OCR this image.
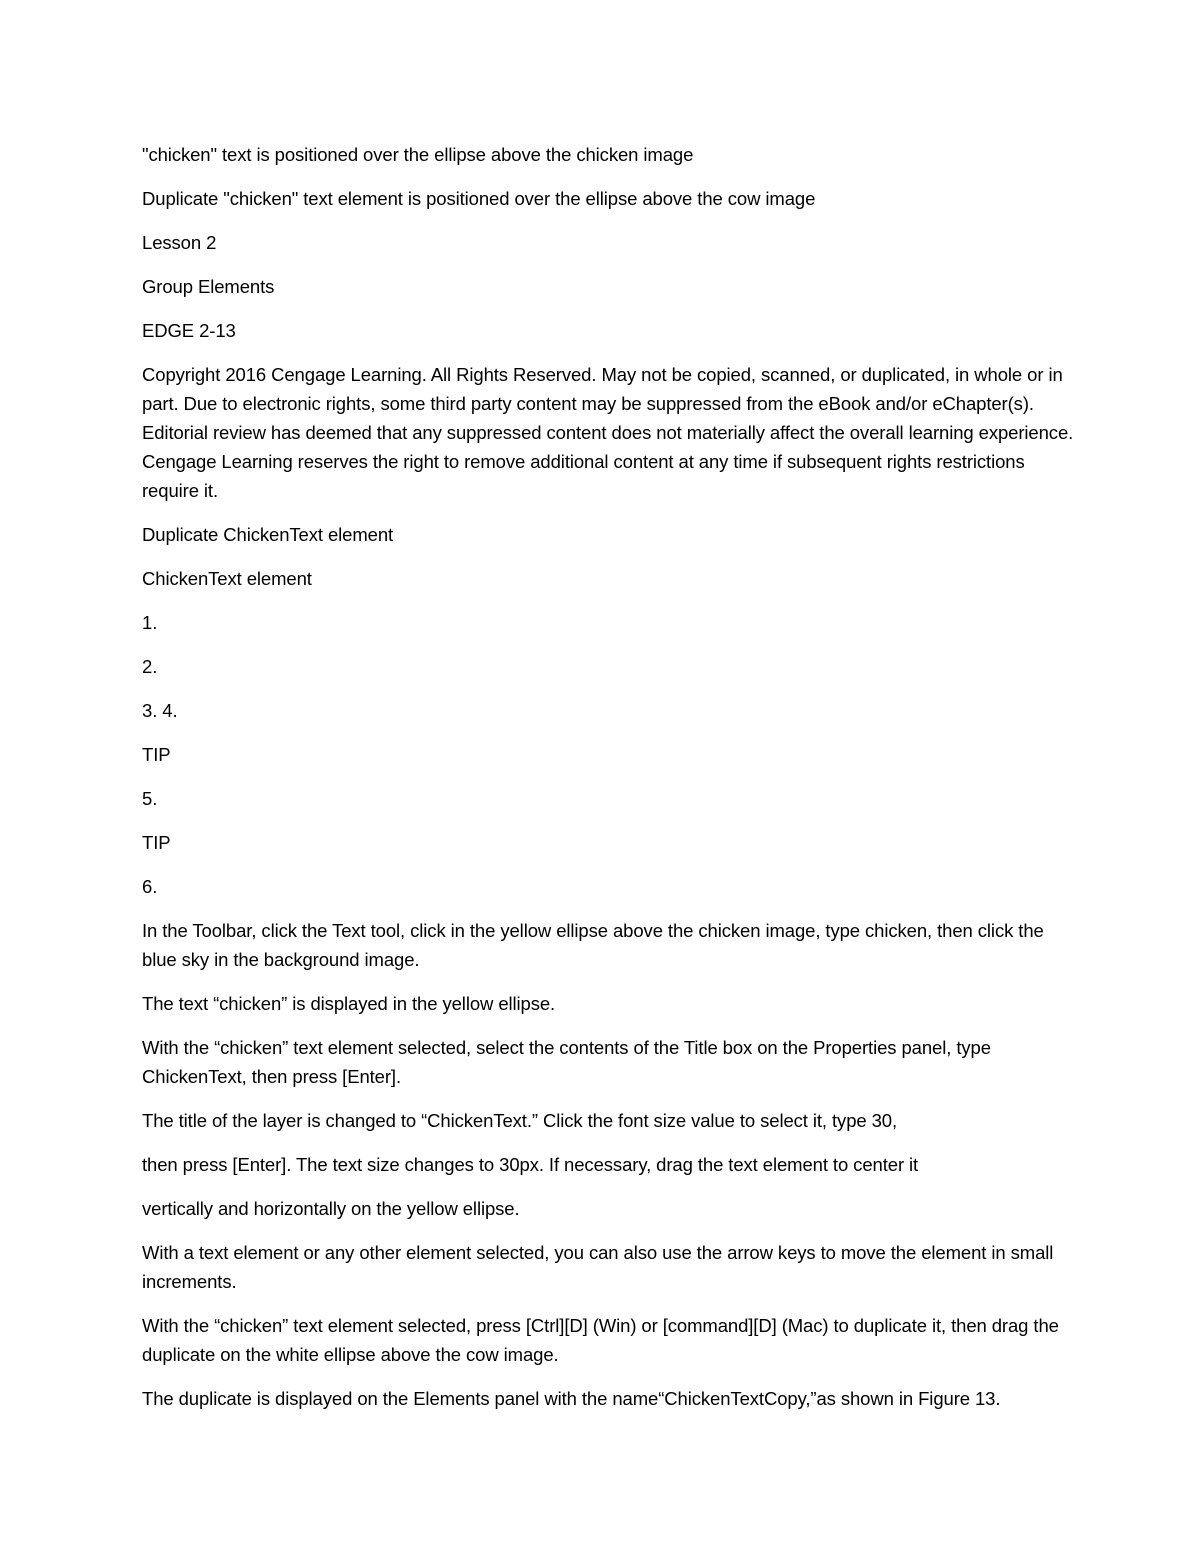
"chicken" text is positioned over the ellipse above the chicken image

Duplicate "chicken" text element is positioned over the ellipse above the cow image

Lesson 2

Group Elements

EDGE 2-13

Copyright 2016 Cengage Learning. All Rights Reserved. May not be copied, scanned, or duplicated, in whole or in part. Due to electronic rights, some third party content may be suppressed from the eBook and/or eChapter(s). Editorial review has deemed that any suppressed content does not materially affect the overall learning experience. Cengage Learning reserves the right to remove additional content at any time if subsequent rights restrictions require it.

Duplicate ChickenText element

ChickenText element

1.

2.

3. 4.

TIP

5.

TIP

6.

In the Toolbar, click the Text tool, click in the yellow ellipse above the chicken image, type chicken, then click the blue sky in the background image.

The text “chicken” is displayed in the yellow ellipse.

With the “chicken” text element selected, select the contents of the Title box on the Properties panel, type ChickenText, then press [Enter].

The title of the layer is changed to “ChickenText.” Click the font size value to select it, type 30,

then press [Enter]. The text size changes to 30px. If necessary, drag the text element to center it

vertically and horizontally on the yellow ellipse.

With a text element or any other element selected, you can also use the arrow keys to move the element in small increments.

With the “chicken” text element selected, press [Ctrl][D] (Win) or [command][D] (Mac) to duplicate it, then drag the duplicate on the white ellipse above the cow image.

The duplicate is displayed on the Elements panel with the name“ChickenTextCopy,”as shown in Figure 13.
